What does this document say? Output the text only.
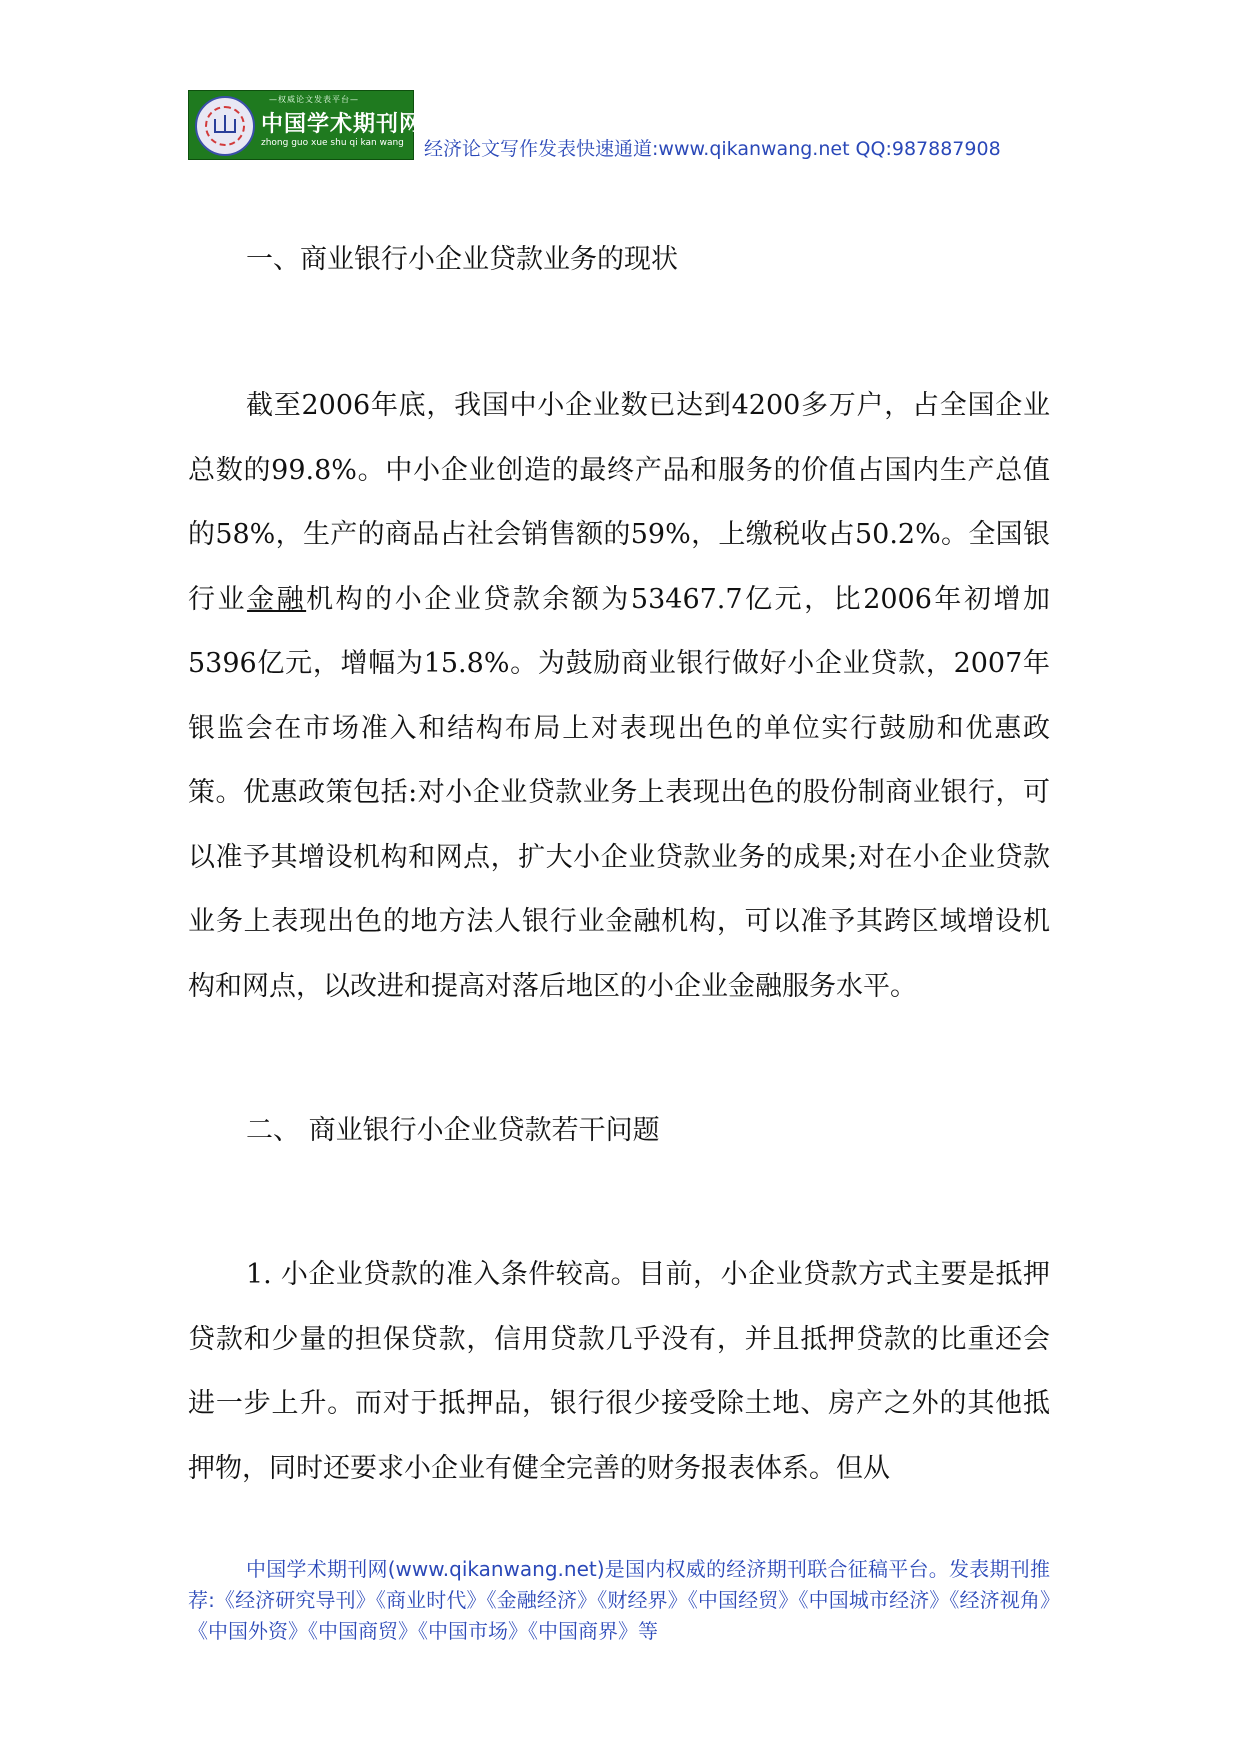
—权威论文发表平台—
中国学术期刊网
zhong guo xue shu qi kan wang 经济论文写作发表快速通道:www.qikanwang.net QQ:987887908
一、商业银行小企业贷款业务的现状

截至2006年底，我国中小企业数已达到4200多万户，占全国企业总数的99.8%。中小企业创造的最终产品和服务的价值占国内生产总值的58%，生产的商品占社会销售额的59%，上缴税收占50.2%。全国银行业金融机构的小企业贷款余额为53467.7亿元，比2006年初增加5396亿元，增幅为15.8%。为鼓励商业银行做好小企业贷款，2007年银监会在市场准入和结构布局上对表现出色的单位实行鼓励和优惠政策。优惠政策包括:对小企业贷款业务上表现出色的股份制商业银行，可以准予其增设机构和网点，扩大小企业贷款业务的成果;对在小企业贷款业务上表现出色的地方法人银行业金融机构，可以准予其跨区域增设机构和网点，以改进和提高对落后地区的小企业金融服务水平。

二、 商业银行小企业贷款若干问题

1. 小企业贷款的准入条件较高。目前，小企业贷款方式主要是抵押贷款和少量的担保贷款，信用贷款几乎没有，并且抵押贷款的比重还会进一步上升。而对于抵押品，银行很少接受除土地、房产之外的其他抵押物，同时还要求小企业有健全完善的财务报表体系。但从

中国学术期刊网(www.qikanwang.net)是国内权威的经济期刊联合征稿平台。发表期刊推荐:《经济研究导刊》《商业时代》《金融经济》《财经界》《中国经贸》《中国城市经济》《经济视角》《中国外资》《中国商贸》《中国市场》《中国商界》等
